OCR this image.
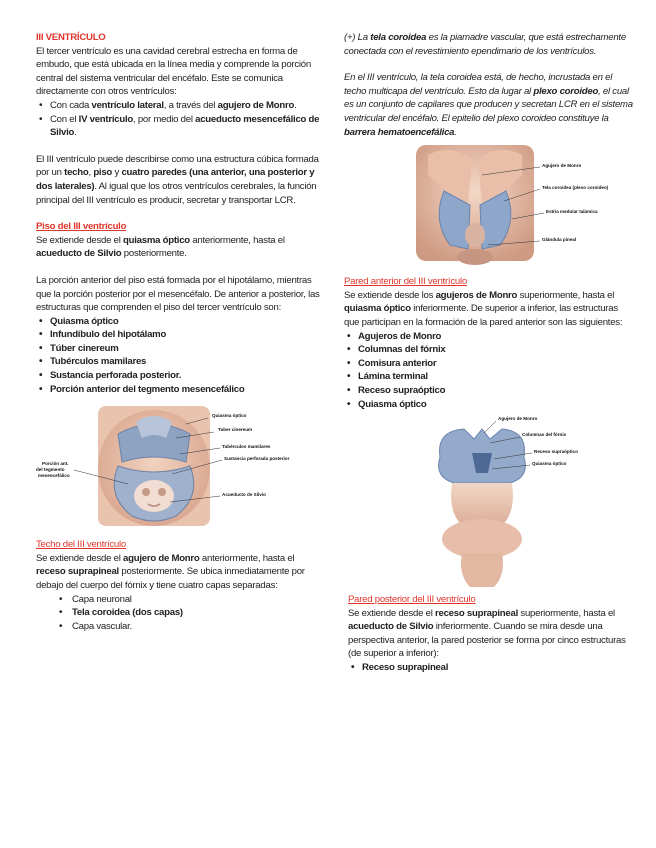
III VENTRÍCULO

El tercer ventrículo es una cavidad cerebral estrecha en forma de embudo, que está ubicada en la línea media y comprende la porción central del sistema ventricular del encéfalo. Este se comunica directamente con otros ventrículos:

• Con cada ventrículo lateral, a través del agujero de Monro.
• Con el IV ventrículo, por medio del acueducto mesencefálico de Silvio.

El III ventrículo puede describirse como una estructura cúbica formada por un techo, piso y cuatro paredes (una anterior, una posterior y dos laterales). Al igual que los otros ventrículos cerebrales, la función principal del III ventrículo es producir, secretar y transportar LCR.

Piso del III ventrículo

Se extiende desde el quiasma óptico anteriormente, hasta el acueducto de Silvio posteriormente.

La porción anterior del piso está formada por el hipotálamo, mientras que la porción posterior por el mesencéfalo. De anterior a posterior, las estructuras que comprenden el piso del tercer ventrículo son:

• Quiasma óptico
• Infundíbulo del hipotálamo
• Túber cinereum
• Tubérculos mamilares
• Sustancia perforada posterior.
• Porción anterior del tegmento mesencefálico
Quiasma óptico
Tuber cinereum
Tubérculos mamilares
Sustancia perforada posterior
Acueducto de Silvio
Porción ant.
del tegmento
mesencefálico

Techo del III ventrículo

Se extiende desde el agujero de Monro anteriormente, hasta el receso suprapineal posteriormente. Se ubica inmediatamente por debajo del cuerpo del fórnix y tiene cuatro capas separadas:

• Capa neuronal
• Tela coroidea (dos capas)
• Capa vascular.

(+) La tela coroidea es la piamadre vascular, que está estrechamente conectada con el revestimiento ependimario de los ventrículos.

En el III ventrículo, la tela coroidea está, de hecho, incrustada en el techo multicapa del ventrículo. Esto da lugar al plexo coroideo, el cual es un conjunto de capilares que producen y secretan LCR en el sistema ventricular del encéfalo. El epitelio del plexo coroideo constituye la barrera hematoencefálica.

Agujero de Monro
Tela coroidea (plexo coroideo)
Estría medular talámica
Glándula pineal

Pared anterior del III ventrículo

Se extiende desde los agujeros de Monro superiormente, hasta el quiasma óptico inferiormente. De superior a inferior, las estructuras que participan en la formación de la pared anterior son las siguientes:

• Agujeros de Monro
• Columnas del fórnix
• Comisura anterior
• Lámina terminal
• Receso supraóptico
• Quiasma óptico
Agujero de Monro
Columnas del fórnix
Receso supraóptico
Quiasma óptico

Pared posterior del III ventrículo

Se extiende desde el receso suprapineal superiormente, hasta el acueducto de Silvio inferiormente. Cuando se mira desde una perspectiva anterior, la pared posterior se forma por cinco estructuras (de superior a inferior):

• Receso suprapineal
